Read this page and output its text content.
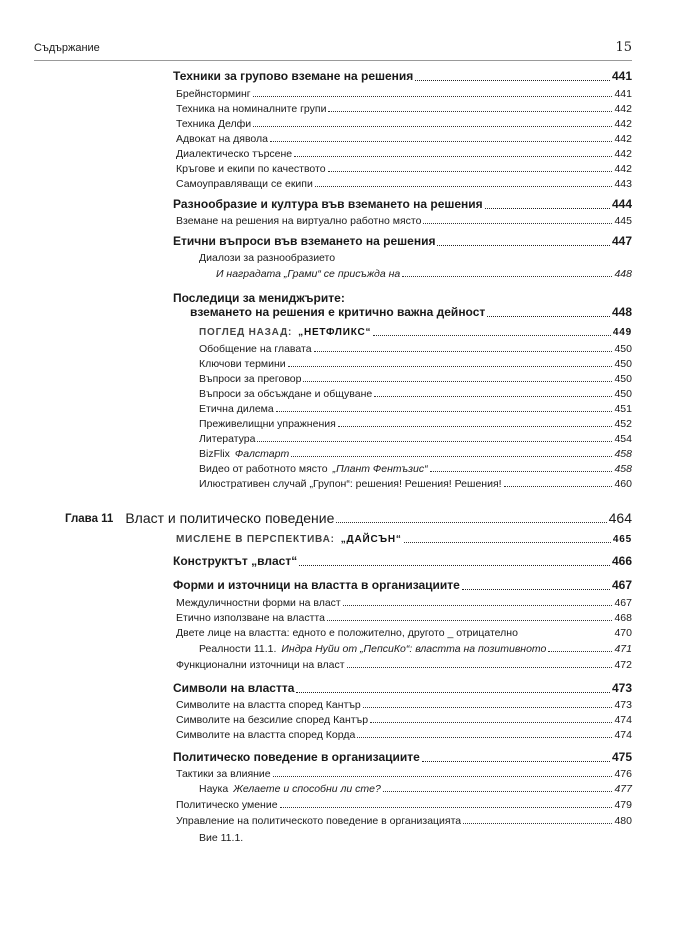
Съдържание	15
Техники за групово вземане на решения	441
Брейнсторминг	441
Техника на номиналните групи	442
Техника Делфи	442
Адвокат на дявола	442
Диалектическо търсене	442
Кръгове и екипи по качеството	442
Самоуправляващи се екипи	443
Разнообразие и култура във вземането на решения	444
Вземане на решения на виртуално работно място	445
Етични въпроси във вземането на решения	447
Диалози за разнообразието
И наградата „Грами“ се присъжда на	448
Последици за мениджърите:
вземането на решения е критично важна дейност	448
ПОГЛЕД НАЗАД: „НЕТФЛИКС“	449
Обобщение на главата	450
Ключови термини	450
Въпроси за преговор	450
Въпроси за обсъждане и общуване	450
Етична дилема	451
Преживелищни упражнения	452
Литература	454
BizFlix Фалстарт	458
Видео от работното място „Плант Фентъзис“	458
Илюстративен случай „Групон“: решения! Решения! Решения!	460
Глава 11 Власт и политическо поведение	464
МИСЛЕНЕ В ПЕРСПЕКТИВА: „ДАЙСЪН“	465
Конструктът „власт“	466
Форми и източници на властта в организациите	467
Междуличностни форми на власт	467
Етично използване на властта	468
Двете лице на властта: едното е положително, другото _ отрицателно	470
Реалности 11.1. Индра Нуйи от „ПепсиКо“: властта на позитивното	471
Функционални източници на власт	472
Символи на властта	473
Символите на властта според Кантър	473
Символите на безсилие според Кантър	474
Символите на властта според Корда	474
Политическо поведение в организациите	475
Тактики за влияние	476
Наука Желаете и способни ли сте?	477
Политическо умение	479
Управление на политическото поведение в организацията	480
Вие 11.1.
